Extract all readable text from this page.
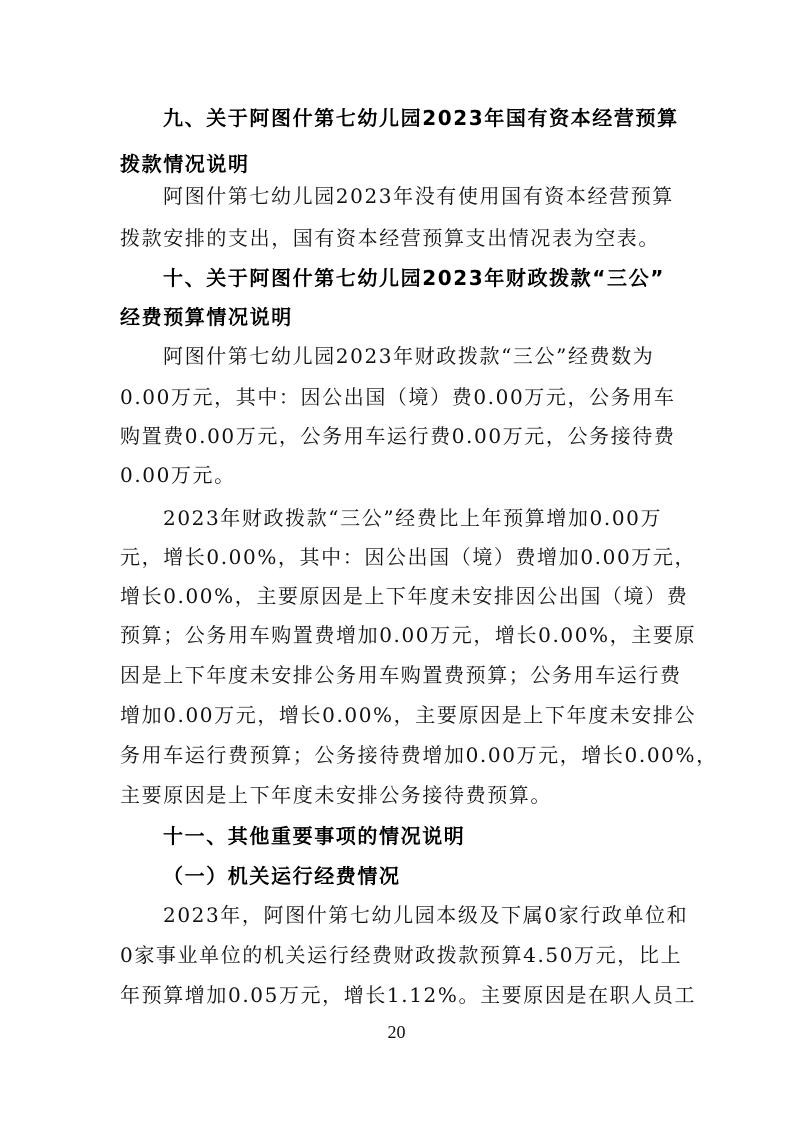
九、关于阿图什第七幼儿园2023年国有资本经营预算
拨款情况说明
阿图什第七幼儿园2023年没有使用国有资本经营预算
拨款安排的支出，国有资本经营预算支出情况表为空表。
十、关于阿图什第七幼儿园2023年财政拨款“三公”
经费预算情况说明
阿图什第七幼儿园2023年财政拨款“三公”经费数为
0.00万元，其中：因公出国（境）费0.00万元，公务用车
购置费0.00万元，公务用车运行费0.00万元，公务接待费
0.00万元。
2023年财政拨款“三公”经费比上年预算增加0.00万
元，增长0.00%，其中：因公出国（境）费增加0.00万元，
增长0.00%，主要原因是上下年度未安排因公出国（境）费
预算；公务用车购置费增加0.00万元，增长0.00%，主要原
因是上下年度未安排公务用车购置费预算；公务用车运行费
增加0.00万元，增长0.00%，主要原因是上下年度未安排公
务用车运行费预算；公务接待费增加0.00万元，增长0.00%，
主要原因是上下年度未安排公务接待费预算。
十一、其他重要事项的情况说明
（一）机关运行经费情况
2023年，阿图什第七幼儿园本级及下属0家行政单位和
0家事业单位的机关运行经费财政拨款预算4.50万元，比上
年预算增加0.05万元，增长1.12%。主要原因是在职人员工
20
